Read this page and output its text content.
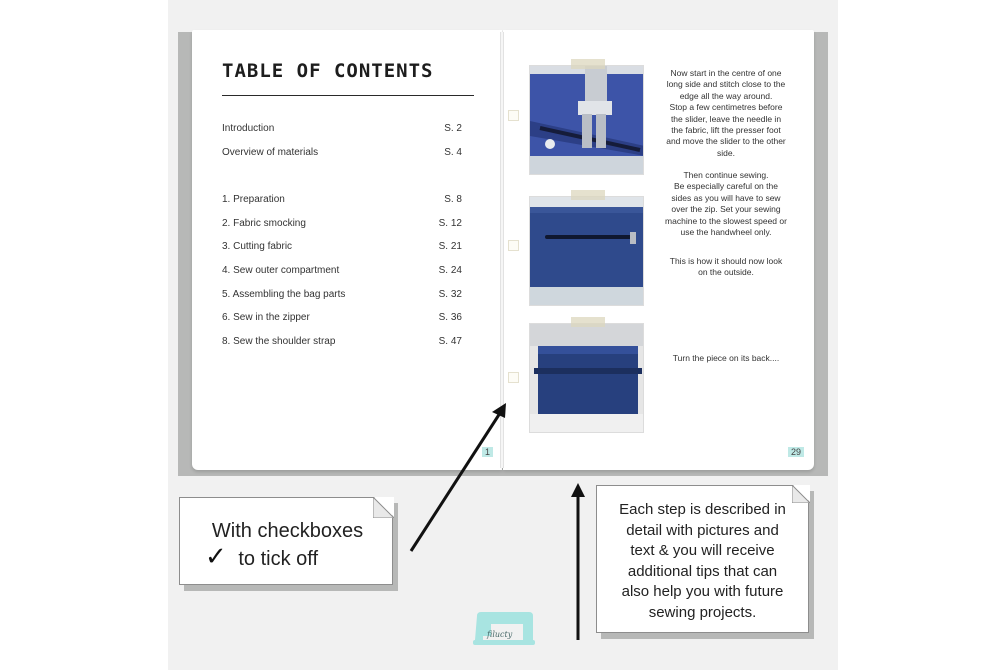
TABLE OF CONTENTS
Introduction	S. 2
Overview of materials	S. 4
1. Preparation	S. 8
2. Fabric smocking	S. 12
3. Cutting fabric	S. 21
4. Sew outer compartment	S. 24
5. Assembling the bag parts	S. 32
6. Sew in the zipper	S. 36
8. Sew the shoulder strap	S. 47
1	29
Now start in the centre of one
long side and stitch close to the
edge all the way around.
Stop a few centimetres before
the slider, leave the needle in
the fabric, lift the presser foot
and move the slider to the other
side.
Then continue sewing.
Be especially careful on the
sides as you will have to sew
over the zip. Set your sewing
machine to the slowest speed or
use the handwheel only.
This is how it should now look
on the outside.
Turn the piece on its back....
With checkboxes
✓ to tick off
Each step is described in
detail with pictures and
text & you will receive
additional tips that can
also help you with future
sewing projects.
filucty
